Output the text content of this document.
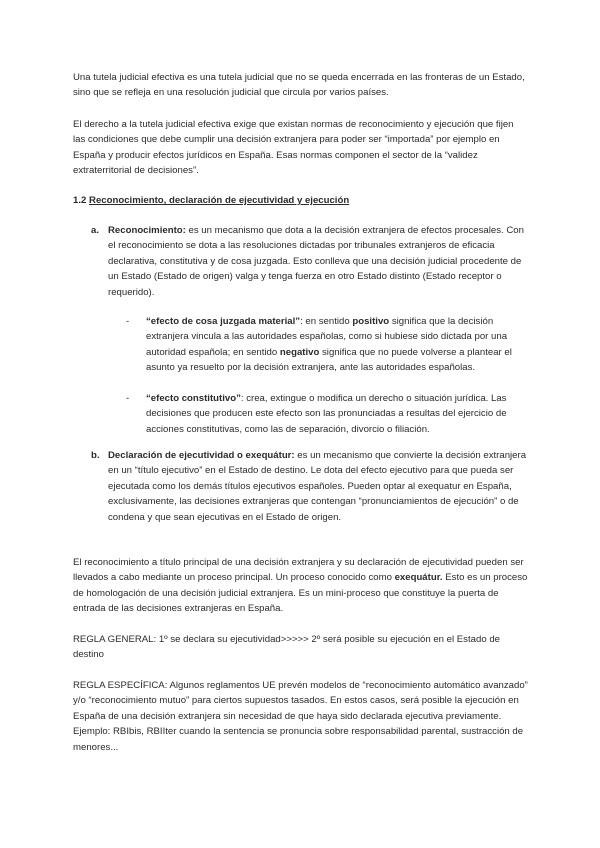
Una tutela judicial efectiva es una tutela judicial que no se queda encerrada en las fronteras de un Estado, sino que se refleja en una resolución judicial que circula por varios países.

El derecho a la tutela judicial efectiva exige que existan normas de reconocimiento y ejecución que fijen las condiciones que debe cumplir una decisión extranjera para poder ser “importada” por ejemplo en España y producir efectos jurídicos en España. Esas normas componen el sector de la “validez extraterritorial de decisiones”.

1.2 Reconocimiento, declaración de ejecutividad y ejecución

a. Reconocimiento: es un mecanismo que dota a la decisión extranjera de efectos procesales. Con el reconocimiento se dota a las resoluciones dictadas por tribunales extranjeros de eficacia declarativa, constitutiva y de cosa juzgada. Esto conlleva que una decisión judicial procedente de un Estado (Estado de origen) valga y tenga fuerza en otro Estado distinto (Estado receptor o requerido).

- “efecto de cosa juzgada material”: en sentido positivo significa que la decisión extranjera vincula a las autoridades españolas, como si hubiese sido dictada por una autoridad española; en sentido negativo significa que no puede volverse a plantear el asunto ya resuelto por la decisión extranjera, ante las autoridades españolas.

- “efecto constitutivo”: crea, extingue o modifica un derecho o situación jurídica. Las decisiones que producen este efecto son las pronunciadas a resultas del ejercicio de acciones constitutivas, como las de separación, divorcio o filiación.

b. Declaración de ejecutividad o exequátur: es un mecanismo que convierte la decisión extranjera en un “título ejecutivo” en el Estado de destino. Le dota del efecto ejecutivo para que pueda ser ejecutada como los demás títulos ejecutivos españoles. Pueden optar al exequatur en España, exclusivamente, las decisiones extranjeras que contengan “pronunciamientos de ejecución” o de condena y que sean ejecutivas en el Estado de origen.

El reconocimiento a título principal de una decisión extranjera y su declaración de ejecutividad pueden ser llevados a cabo mediante un proceso principal. Un proceso conocido como exequátur. Esto es un proceso de homologación de una decisión judicial extranjera. Es un mini-proceso que constituye la puerta de entrada de las decisiones extranjeras en España.

REGLA GENERAL: 1º se declara su ejecutividad>>>>> 2º será posible su ejecución en el Estado de destino

REGLA ESPECÍFICA: Algunos reglamentos UE prevén modelos de “reconocimiento automático avanzado” y/o “reconocimiento mutuo” para ciertos supuestos tasados. En estos casos, será posible la ejecución en España de una decisión extranjera sin necesidad de que haya sido declarada ejecutiva previamente. Ejemplo: RBIbis, RBIIter cuando la sentencia se pronuncia sobre responsabilidad parental, sustracción de menores...
